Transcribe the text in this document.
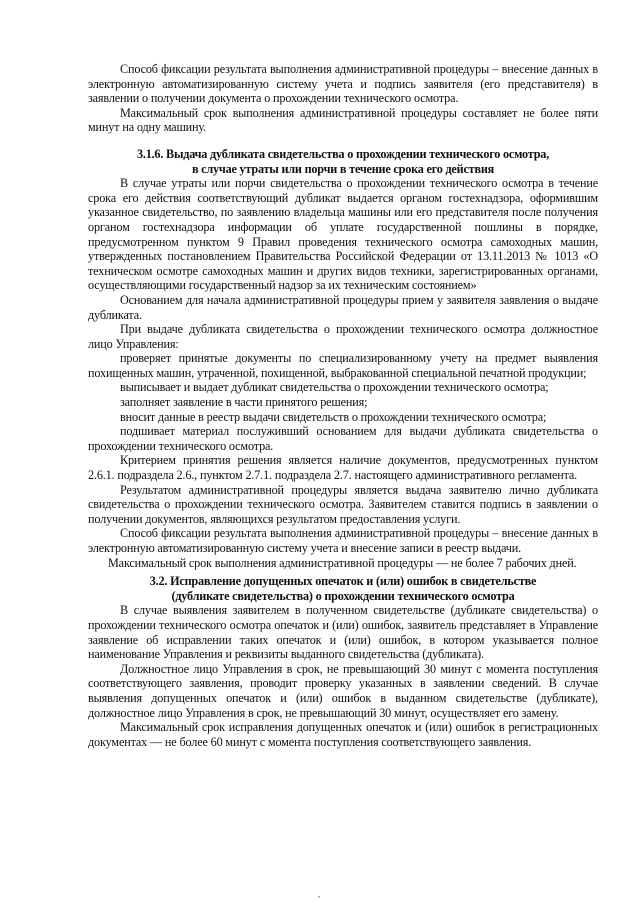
Способ фиксации результата выполнения административной процедуры – внесение данных в электронную автоматизированную систему учета и подпись заявителя (его представителя) в заявлении о получении документа о прохождении технического осмотра.

Максимальный срок выполнения административной процедуры составляет не более пяти минут на одну машину.

3.1.6. Выдача дубликата свидетельства о прохождении технического осмотра,
в случае утраты или порчи в течение срока его действия

В случае утраты или порчи свидетельства о прохождении технического осмотра в течение срока его действия соответствующий дубликат выдается органом гостехнадзора, оформившим указанное свидетельство, по заявлению владельца машины или его представителя после получения органом гостехнадзора информации об уплате государственной пошлины в порядке, предусмотренном пунктом 9 Правил проведения технического осмотра самоходных машин, утвержденных постановлением Правительства Российской Федерации от 13.11.2013 № 1013 «О техническом осмотре самоходных машин и других видов техники, зарегистрированных органами, осуществляющими государственный надзор за их техническим состоянием»

Основанием для начала административной процедуры прием у заявителя заявления о выдаче дубликата.

При выдаче дубликата свидетельства о прохождении технического осмотра должностное лицо Управления:

проверяет принятые документы по специализированному учету на предмет выявления похищенных машин, утраченной, похищенной, выбракованной специальной печатной продукции;

выписывает и выдает дубликат свидетельства о прохождении технического осмотра;

заполняет заявление в части принятого решения;

вносит данные в реестр выдачи свидетельств о прохождении технического осмотра;

подшивает материал послуживший основанием для выдачи дубликата свидетельства о прохождении технического осмотра.

Критерием принятия решения является наличие документов, предусмотренных пунктом 2.6.1. подраздела 2.6., пунктом 2.7.1. подраздела 2.7. настоящего административного регламента.

Результатом административной процедуры является выдача заявителю лично дубликата свидетельства о прохождении технического осмотра. Заявителем ставится подпись в заявлении о получении документов, являющихся результатом предоставления услуги.

Способ фиксации результата выполнения административной процедуры – внесение данных в электронную автоматизированную систему учета и внесение записи в реестр выдачи.

Максимальный срок выполнения административной процедуры — не более 7 рабочих дней.

3.2. Исправление допущенных опечаток и (или) ошибок в свидетельстве
(дубликате свидетельства) о прохождении технического осмотра

В случае выявления заявителем в полученном свидетельстве (дубликате свидетельства) о прохождении технического осмотра опечаток и (или) ошибок, заявитель представляет в Управление заявление об исправлении таких опечаток и (или) ошибок, в котором указывается полное наименование Управления и реквизиты выданного свидетельства (дубликата).

Должностное лицо Управления в срок, не превышающий 30 минут с момента поступления соответствующего заявления, проводит проверку указанных в заявлении сведений. В случае выявления допущенных опечаток и (или) ошибок в выданном свидетельстве (дубликате), должностное лицо Управления в срок, не превышающий 30 минут, осуществляет его замену.

Максимальный срок исправления допущенных опечаток и (или) ошибок в регистрационных документах — не более 60 минут с момента поступления соответствующего заявления.
